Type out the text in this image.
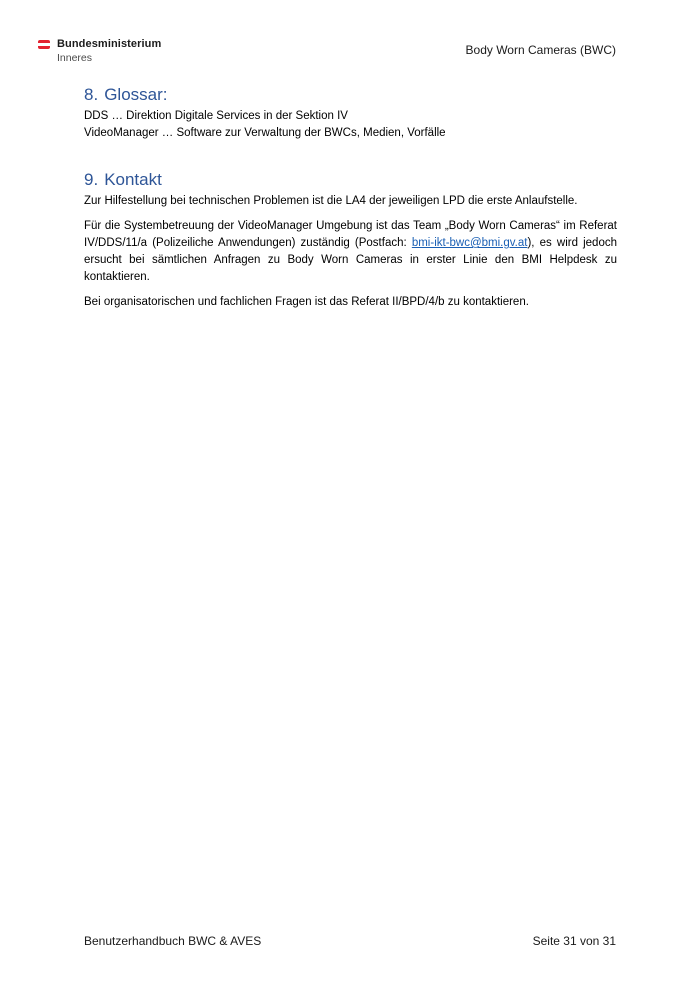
Bundesministerium
Inneres
Body Worn Cameras (BWC)
8. Glossar:
DDS … Direktion Digitale Services in der Sektion IV
VideoManager … Software zur Verwaltung der BWCs, Medien, Vorfälle
9. Kontakt

Zur Hilfestellung bei technischen Problemen ist die LA4 der jeweiligen LPD die erste Anlaufstelle.

Für die Systembetreuung der VideoManager Umgebung ist das Team „Body Worn Cameras“ im Referat IV/DDS/11/a (Polizeiliche Anwendungen) zuständig (Postfach: bmi-ikt-bwc@bmi.gv.at), es wird jedoch ersucht bei sämtlichen Anfragen zu Body Worn Cameras in erster Linie den BMI Helpdesk zu kontaktieren.

Bei organisatorischen und fachlichen Fragen ist das Referat II/BPD/4/b zu kontaktieren.

Benutzerhandbuch BWC & AVES	Seite 31 von 31
